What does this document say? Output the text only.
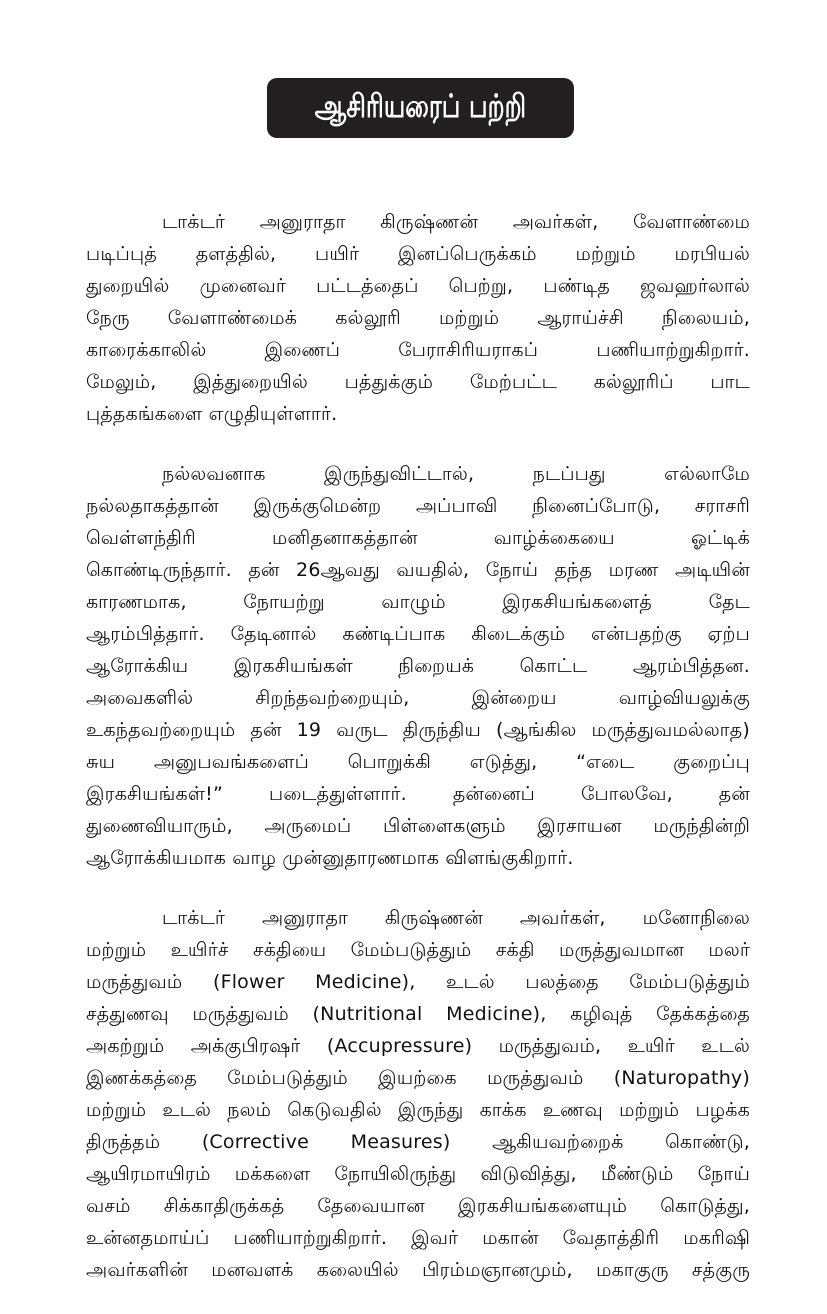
ஆசிரியரைப் பற்றி
டாக்டர் அனுராதா கிருஷ்ணன் அவர்கள், வேளாண்மை
படிப்புத் தளத்தில், பயிர் இனப்பெருக்கம் மற்றும் மரபியல்
துறையில் முனைவர் பட்டத்தைப் பெற்று, பண்டித ஜவஹர்லால்
நேரு வேளாண்மைக் கல்லூரி மற்றும் ஆராய்ச்சி நிலையம்,
காரைக்காலில் இணைப் பேராசிரியராகப் பணியாற்றுகிறார்.
மேலும், இத்துறையில் பத்துக்கும் மேற்பட்ட கல்லூரிப் பாட
புத்தகங்களை எழுதியுள்ளார்.
நல்லவனாக இருந்துவிட்டால், நடப்பது எல்லாமே
நல்லதாகத்தான் இருக்குமென்ற அப்பாவி நினைப்போடு, சராசரி
வெள்ளந்திரி மனிதனாகத்தான் வாழ்க்கையை ஓட்டிக்
கொண்டிருந்தார். தன் 26ஆவது வயதில், நோய் தந்த மரண அடியின்
காரணமாக, நோயற்று வாழும் இரகசியங்களைத் தேட
ஆரம்பித்தார். தேடினால் கண்டிப்பாக கிடைக்கும் என்பதற்கு ஏற்ப
ஆரோக்கிய இரகசியங்கள் நிறையக் கொட்ட ஆரம்பித்தன.
அவைகளில் சிறந்தவற்றையும், இன்றைய வாழ்வியலுக்கு
உகந்தவற்றையும் தன் 19 வருட திருந்திய (ஆங்கில மருத்துவமல்லாத)
சுய அனுபவங்களைப் பொறுக்கி எடுத்து, “எடை குறைப்பு
இரகசியங்கள்!” படைத்துள்ளார். தன்னைப் போலவே, தன்
துணைவியாரும், அருமைப் பிள்ளைகளும் இரசாயன மருந்தின்றி
ஆரோக்கியமாக வாழ முன்னுதாரணமாக விளங்குகிறார்.
டாக்டர் அனுராதா கிருஷ்ணன் அவர்கள், மனோநிலை
மற்றும் உயிர்ச் சக்தியை மேம்படுத்தும் சக்தி மருத்துவமான மலர்
மருத்துவம் (Flower Medicine), உடல் பலத்தை மேம்படுத்தும்
சத்துணவு மருத்துவம் (Nutritional Medicine), கழிவுத் தேக்கத்தை
அகற்றும் அக்குபிரஷர் (Accupressure) மருத்துவம், உயிர் உடல்
இணக்கத்தை மேம்படுத்தும் இயற்கை மருத்துவம் (Naturopathy)
மற்றும் உடல் நலம் கெடுவதில் இருந்து காக்க உணவு மற்றும் பழக்க
திருத்தம் (Corrective Measures) ஆகியவற்றைக் கொண்டு,
ஆயிரமாயிரம் மக்களை நோயிலிருந்து விடுவித்து, மீண்டும் நோய்
வசம் சிக்காதிருக்கத் தேவையான இரகசியங்களையும் கொடுத்து,
உன்னதமாய்ப் பணியாற்றுகிறார். இவர் மகான் வேதாத்திரி மகரிஷி
அவர்களின் மனவளக் கலையில் பிரம்மஞானமும், மகாகுரு சத்குரு
